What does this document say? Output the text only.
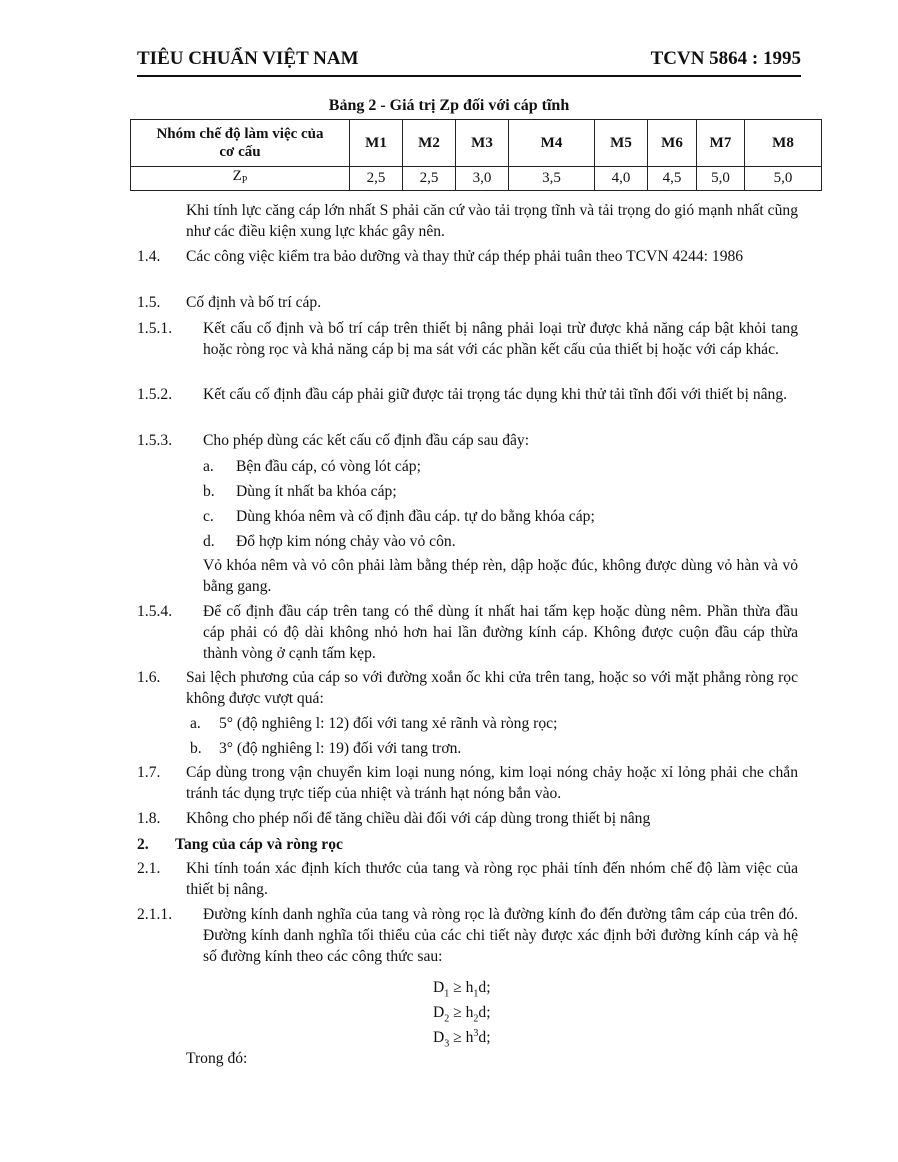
TIÊU CHUẨN VIỆT NAM	TCVN 5864 : 1995
Bảng 2 - Giá trị Zp đối với cáp tĩnh
Nhóm chế độ làm việc của
cơ cấu	M1	M2	M3	M4	M5	M6	M7	M8
$Z_P$	2,5	2,5	3,0	3,5	4,0	4,5	5,0	5,0
Khi tính lực căng cáp lớn nhất S phải căn cứ vào tải trọng tĩnh và tải trọng do gió mạnh nhất cũng như các điều kiện xung lực khác gây nên.
1.4. Các công việc kiểm tra bảo dưỡng và thay thử cáp thép phải tuân theo TCVN 4244: 1986
1.5. Cố định và bố trí cáp.
1.5.1. Kết cấu cố định và bố trí cáp trên thiết bị nâng phải loại trừ được khả năng cáp bật khỏi tang hoặc ròng rọc và khả năng cáp bị ma sát với các phần kết cấu của thiết bị hoặc với cáp khác.
1.5.2. Kết cấu cố định đầu cáp phải giữ được tải trọng tác dụng khi thử tải tĩnh đối với thiết bị nâng.
1.5.3. Cho phép dùng các kết cấu cố định đầu cáp sau đây:
a. Bện đầu cáp, có vòng lót cáp;
b. Dùng ít nhất ba khóa cáp;
c. Dùng khóa nêm và cố định đầu cáp. tự do bằng khóa cáp;
d. Đổ hợp kim nóng chảy vào vỏ côn.
Vỏ khóa nêm và vỏ côn phải làm bằng thép rèn, dập hoặc đúc, không được dùng vỏ hàn và vỏ bằng gang.
1.5.4. Để cố định đầu cáp trên tang có thể dùng ít nhất hai tấm kẹp hoặc dùng nêm. Phần thừa đầu cáp phải có độ dài không nhỏ hơn hai lần đường kính cáp. Không được cuộn đầu cáp thừa thành vòng ở cạnh tấm kẹp.
1.6. Sai lệch phương của cáp so với đường xoắn ốc khi cửa trên tang, hoặc so với mặt phẳng ròng rọc không được vượt quá:
a. 5° (độ nghiêng l: 12) đối với tang xẻ rãnh và ròng rọc;
b. 3° (độ nghiêng l: 19) đối với tang trơn.
1.7. Cáp dùng trong vận chuyển kim loại nung nóng, kim loại nóng chảy hoặc xỉ lỏng phải che chắn tránh tác dụng trực tiếp của nhiệt và tránh hạt nóng bắn vào.
1.8. Không cho phép nối để tăng chiều dài đối với cáp dùng trong thiết bị nâng
2. Tang của cáp và ròng rọc
2.1. Khi tính toán xác định kích thước của tang và ròng rọc phải tính đến nhóm chế độ làm việc của thiết bị nâng.
2.1.1. Đường kính danh nghĩa của tang và ròng rọc là đường kính đo đến đường tâm cáp của trên đó. Đường kính danh nghĩa tối thiểu của các chi tiết này được xác định bởi đường kính cáp và hệ số đường kính theo các công thức sau:
$D_1 \ge h_1d$;
$D_2 \ge h_2d$;
$D_3 \ge h^3d$;
Trong đó:
